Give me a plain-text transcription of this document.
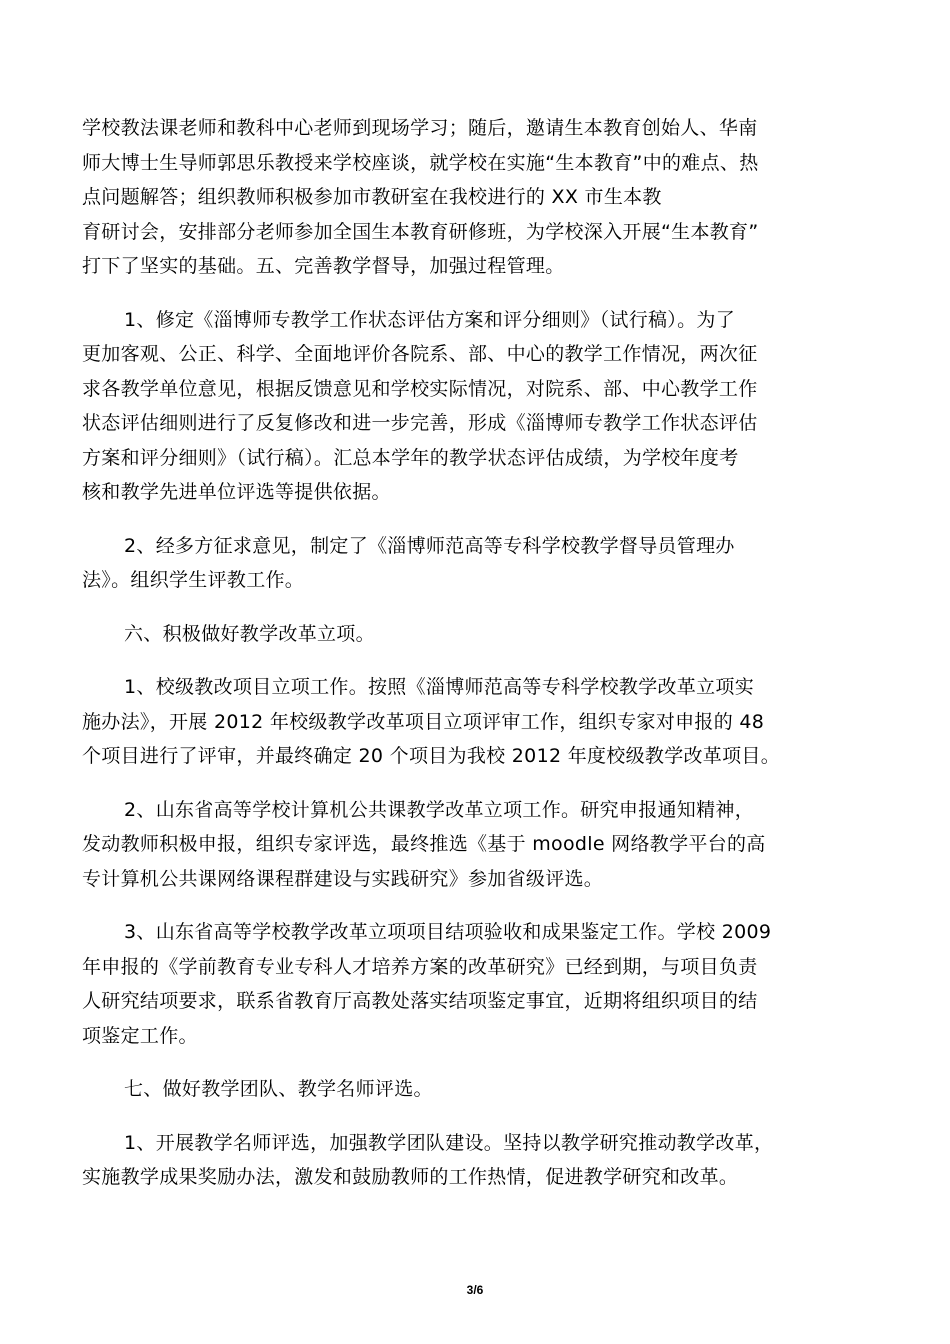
学校教法课老师和教科中心老师到现场学习；随后，邀请生本教育创始人、华南
师大博士生导师郭思乐教授来学校座谈，就学校在实施“生本教育”中的难点、热
点问题解答；组织教师积极参加市教研室在我校进行的 XX 市生本教
育研讨会，安排部分老师参加全国生本教育研修班，为学校深入开展“生本教育”
打下了坚实的基础。五、完善教学督导，加强过程管理。

1、修定《淄博师专教学工作状态评估方案和评分细则》（试行稿）。为了
更加客观、公正、科学、全面地评价各院系、部、中心的教学工作情况，两次征
求各教学单位意见，根据反馈意见和学校实际情况，对院系、部、中心教学工作
状态评估细则进行了反复修改和进一步完善，形成《淄博师专教学工作状态评估
方案和评分细则》（试行稿）。汇总本学年的教学状态评估成绩，为学校年度考
核和教学先进单位评选等提供依据。

2、经多方征求意见，制定了《淄博师范高等专科学校教学督导员管理办
法》。组织学生评教工作。

六、积极做好教学改革立项。

1、校级教改项目立项工作。按照《淄博师范高等专科学校教学改革立项实
施办法》，开展 2012 年校级教学改革项目立项评审工作，组织专家对申报的 48
个项目进行了评审，并最终确定 20 个项目为我校 2012 年度校级教学改革项目。

2、山东省高等学校计算机公共课教学改革立项工作。研究申报通知精神，
发动教师积极申报，组织专家评选，最终推选《基于 moodle 网络教学平台的高
专计算机公共课网络课程群建设与实践研究》参加省级评选。

3、山东省高等学校教学改革立项项目结项验收和成果鉴定工作。学校 2009
年申报的《学前教育专业专科人才培养方案的改革研究》已经到期，与项目负责
人研究结项要求，联系省教育厅高教处落实结项鉴定事宜，近期将组织项目的结
项鉴定工作。

七、做好教学团队、教学名师评选。

1、开展教学名师评选，加强教学团队建设。坚持以教学研究推动教学改革，
实施教学成果奖励办法，激发和鼓励教师的工作热情，促进教学研究和改革。

3/6
